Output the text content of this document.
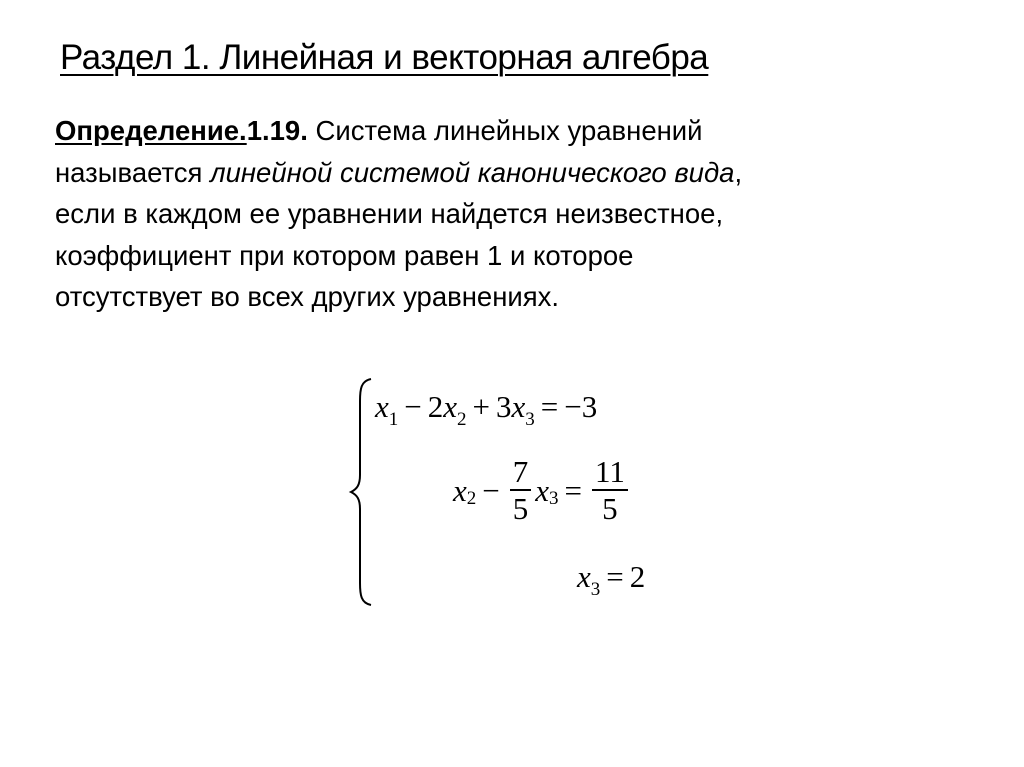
Раздел 1. Линейная и векторная алгебра
Определение.1.19. Система линейных уравнений
называется линейной системой канонического вида,
если в каждом ее уравнении найдется неизвестное,
коэффициент при котором равен 1 и которое
отсутствует во всех других уравнениях.
$x_1 - 2x_2 + 3x_3 = -3$
x $2 - \frac{7}{5}$ x $3 = \frac{11}{5}$
$x_3 = 2$
